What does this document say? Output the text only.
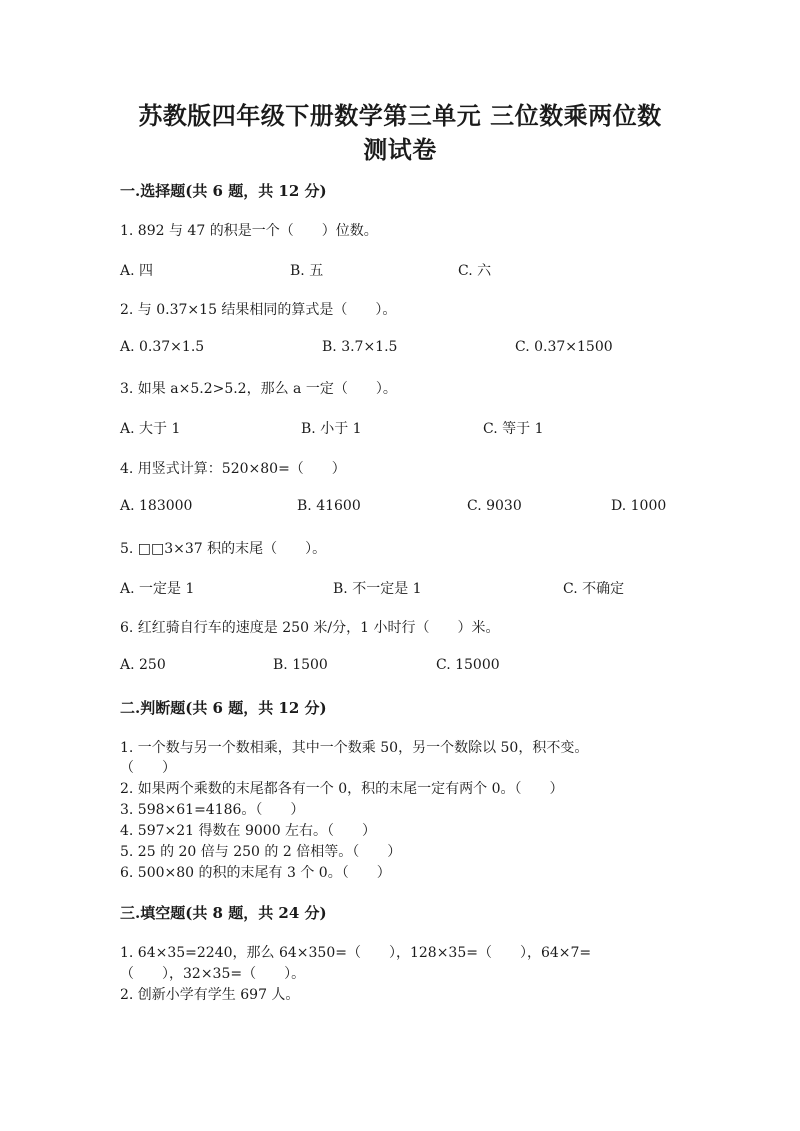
苏教版四年级下册数学第三单元 三位数乘两位数
测试卷
一.选择题(共 6 题，共 12 分)

1. 892 与 47 的积是一个（　　）位数。

A. 四	B. 五	C. 六

2. 与 0.37×15 结果相同的算式是（　　）。

A. 0.37×1.5	B. 3.7×1.5	C. 0.37×1500

3. 如果 a×5.2>5.2，那么 a 一定（　　）。

A. 大于 1	B. 小于 1	C. 等于 1

4. 用竖式计算：520×80=（　　）

A. 183000	B. 41600	C. 9030	D. 1000

5. □□3×37 积的末尾（　　）。

A. 一定是 1	B. 不一定是 1	C. 不确定

6. 红红骑自行车的速度是 250 米/分，1 小时行（　　）米。

A. 250	B. 1500	C. 15000
二.判断题(共 6 题，共 12 分)
1. 一个数与另一个数相乘，其中一个数乘 50，另一个数除以 50，积不变。
（　　）
2. 如果两个乘数的末尾都各有一个 0，积的末尾一定有两个 0。（　　）
3. 598×61=4186。（　　）
4. 597×21 得数在 9000 左右。（　　）
5. 25 的 20 倍与 250 的 2 倍相等。（　　）
6. 500×80 的积的末尾有 3 个 0。（　　）
三.填空题(共 8 题，共 24 分)
1. 64×35=2240，那么 64×350=（　　），128×35=（　　），64×7=
（　　），32×35=（　　）。
2. 创新小学有学生 697 人。
